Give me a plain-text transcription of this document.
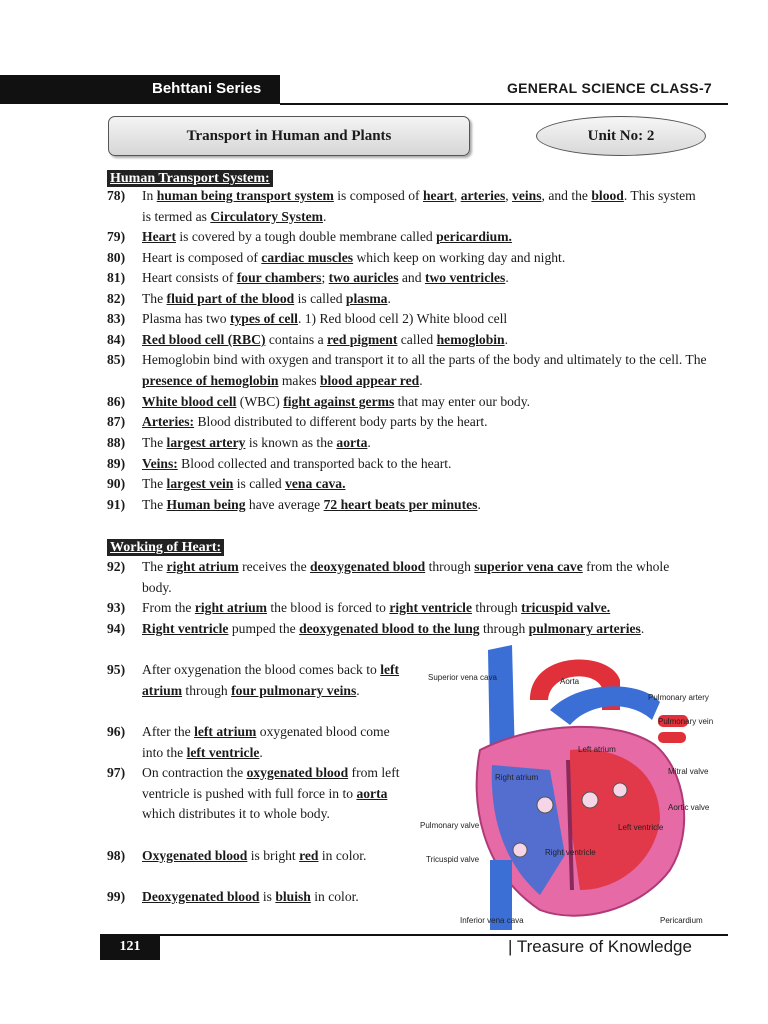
Behttani Series	GENERAL SCIENCE CLASS-7
Transport in Human and Plants	Unit No: 2
Human Transport System:
Working of Heart:
78) In human being transport system is composed of heart, arteries, veins, and the blood. This system is termed as Circulatory System.
79) Heart is covered by a tough double membrane called pericardium.
80) Heart is composed of cardiac muscles which keep on working day and night.
81) Heart consists of four chambers; two auricles and two ventricles.
82) The fluid part of the blood is called plasma.
83) Plasma has two types of cell. 1) Red blood cell 2) White blood cell
84) Red blood cell (RBC) contains a red pigment called hemoglobin.
85) Hemoglobin bind with oxygen and transport it to all the parts of the body and ultimately to the cell. The presence of hemoglobin makes blood appear red.
86) White blood cell (WBC) fight against germs that may enter our body.
87) Arteries: Blood distributed to different body parts by the heart.
88) The largest artery is known as the aorta.
89) Veins: Blood collected and transported back to the heart.
90) The largest vein is called vena cava.
91) The Human being have average 72 heart beats per minutes.
92) The right atrium receives the deoxygenated blood through superior vena cave from the whole body.
93) From the right atrium the blood is forced to right ventricle through tricuspid valve.
94) Right ventricle pumped the deoxygenated blood to the lung through pulmonary arteries.
95) After oxygenation the blood comes back to left atrium through four pulmonary veins.
96) After the left atrium oxygenated blood come into the left ventricle.
97) On contraction the oxygenated blood from left ventricle is pushed with full force in to aorta which distributes it to whole body.
98) Oxygenated blood is bright red in color.
99) Deoxygenated blood is bluish in color.
Superior vena cava	Aorta
Pulmonary artery
Pulmonary vein
Left atrium
Right atrium
Mitral valve
Aortic valve
Left ventricle
Pulmonary valve
Right ventricle
Tricuspid valve
Inferior vena cava	Pericardium
121	| Treasure of Knowledge
